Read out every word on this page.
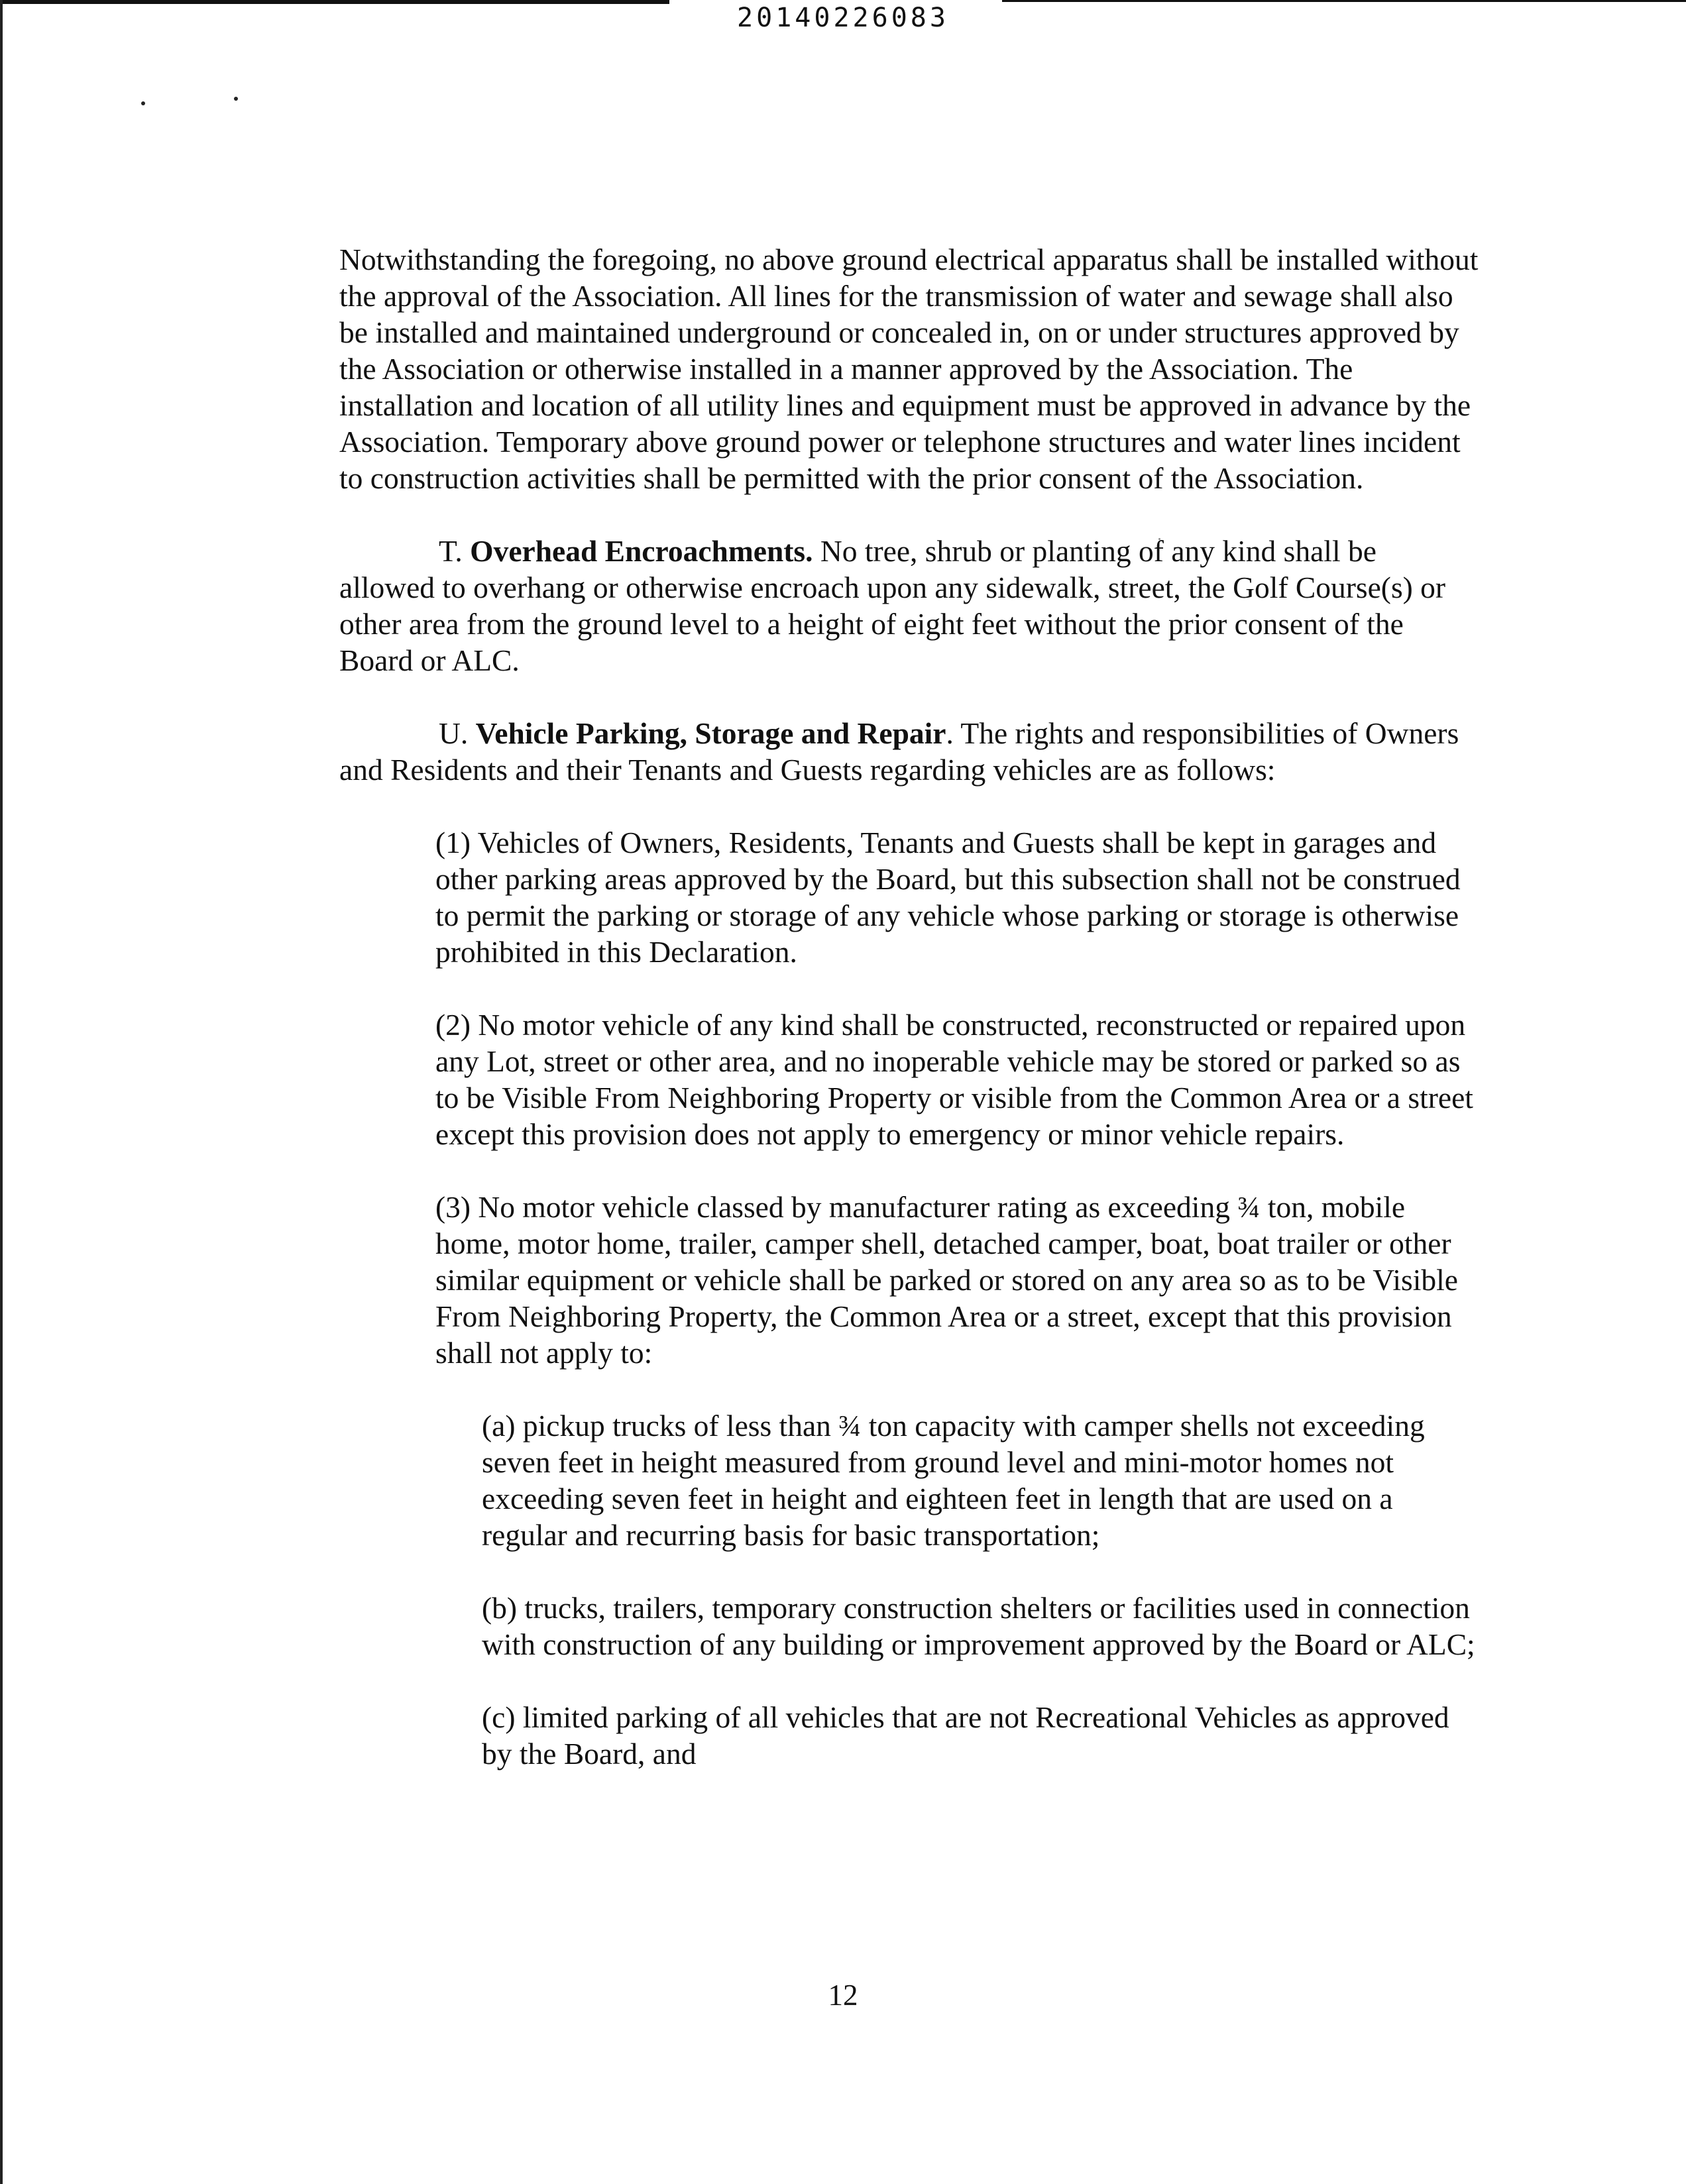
20140226083

Notwithstanding the foregoing, no above ground electrical apparatus shall be installed without the approval of the Association. All lines for the transmission of water and sewage shall also be installed and maintained underground or concealed in, on or under structures approved by the Association or otherwise installed in a manner approved by the Association. The installation and location of all utility lines and equipment must be approved in advance by the Association. Temporary above ground power or telephone structures and water lines incident to construction activities shall be permitted with the prior consent of the Association.

T. Overhead Encroachments. No tree, shrub or planting of any kind shall be allowed to overhang or otherwise encroach upon any sidewalk, street, the Golf Course(s) or other area from the ground level to a height of eight feet without the prior consent of the Board or ALC.

U. Vehicle Parking, Storage and Repair. The rights and responsibilities of Owners and Residents and their Tenants and Guests regarding vehicles are as follows:

(1) Vehicles of Owners, Residents, Tenants and Guests shall be kept in garages and other parking areas approved by the Board, but this subsection shall not be construed to permit the parking or storage of any vehicle whose parking or storage is otherwise prohibited in this Declaration.

(2) No motor vehicle of any kind shall be constructed, reconstructed or repaired upon any Lot, street or other area, and no inoperable vehicle may be stored or parked so as to be Visible From Neighboring Property or visible from the Common Area or a street except this provision does not apply to emergency or minor vehicle repairs.

(3) No motor vehicle classed by manufacturer rating as exceeding ¾ ton, mobile home, motor home, trailer, camper shell, detached camper, boat, boat trailer or other similar equipment or vehicle shall be parked or stored on any area so as to be Visible From Neighboring Property, the Common Area or a street, except that this provision shall not apply to:

(a) pickup trucks of less than ¾ ton capacity with camper shells not exceeding seven feet in height measured from ground level and mini-motor homes not exceeding seven feet in height and eighteen feet in length that are used on a regular and recurring basis for basic transportation;

(b) trucks, trailers, temporary construction shelters or facilities used in connection with construction of any building or improvement approved by the Board or ALC;

(c) limited parking of all vehicles that are not Recreational Vehicles as approved by the Board, and

12
